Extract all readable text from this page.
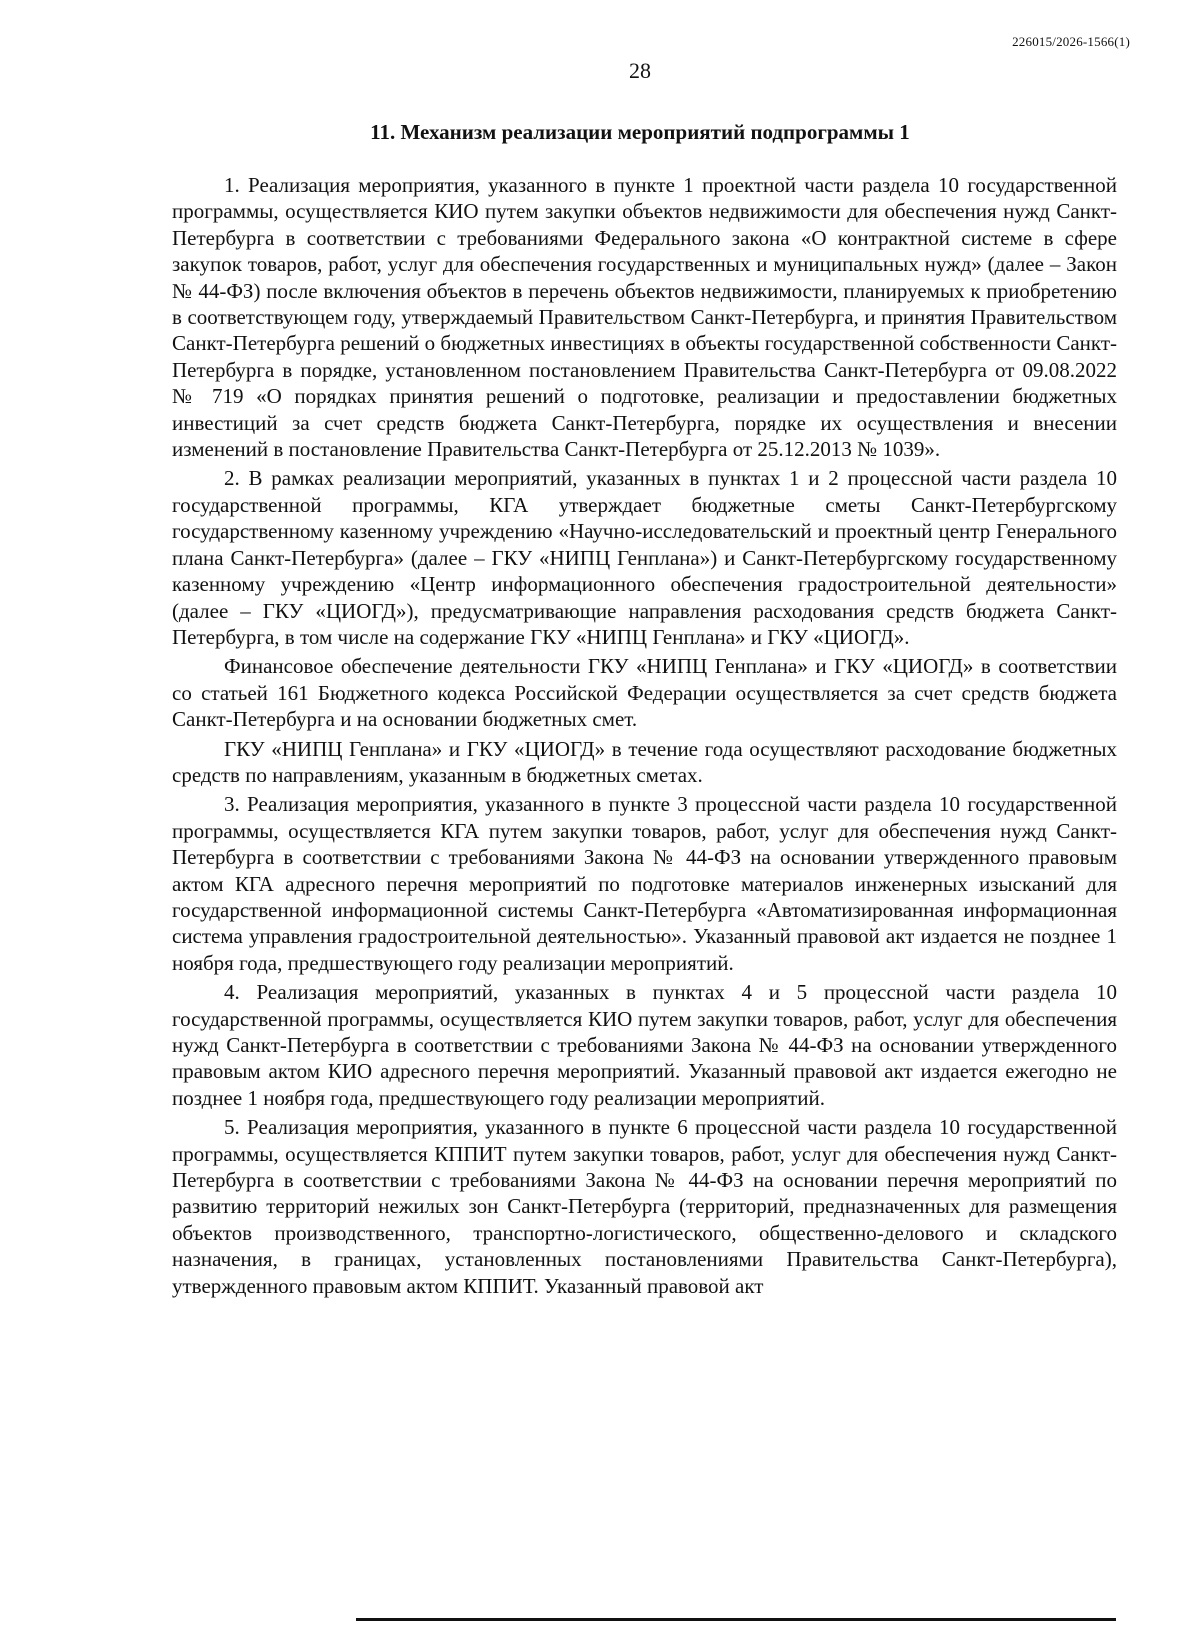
226015/2026-1566(1)
28
11. Механизм реализации мероприятий подпрограммы 1

1. Реализация мероприятия, указанного в пункте 1 проектной части раздела 10 государственной программы, осуществляется КИО путем закупки объектов недвижимости для обеспечения нужд Санкт-Петербурга в соответствии с требованиями Федерального закона «О контрактной системе в сфере закупок товаров, работ, услуг для обеспечения государственных и муниципальных нужд» (далее – Закон № 44-ФЗ) после включения объектов в перечень объектов недвижимости, планируемых к приобретению в соответствующем году, утверждаемый Правительством Санкт-Петербурга, и принятия Правительством Санкт-Петербурга решений о бюджетных инвестициях в объекты государственной собственности Санкт-Петербурга в порядке, установленном постановлением Правительства Санкт-Петербурга от 09.08.2022 № 719 «О порядках принятия решений о подготовке, реализации и предоставлении бюджетных инвестиций за счет средств бюджета Санкт-Петербурга, порядке их осуществления и внесении изменений в постановление Правительства Санкт-Петербурга от 25.12.2013 № 1039».

2. В рамках реализации мероприятий, указанных в пунктах 1 и 2 процессной части раздела 10 государственной программы, КГА утверждает бюджетные сметы Санкт-Петербургскому государственному казенному учреждению «Научно-исследовательский и проектный центр Генерального плана Санкт-Петербурга» (далее – ГКУ «НИПЦ Генплана») и Санкт-Петербургскому государственному казенному учреждению «Центр информационного обеспечения градостроительной деятельности» (далее – ГКУ «ЦИОГД»), предусматривающие направления расходования средств бюджета Санкт-Петербурга, в том числе на содержание ГКУ «НИПЦ Генплана» и ГКУ «ЦИОГД».

Финансовое обеспечение деятельности ГКУ «НИПЦ Генплана» и ГКУ «ЦИОГД» в соответствии со статьей 161 Бюджетного кодекса Российской Федерации осуществляется за счет средств бюджета Санкт-Петербурга и на основании бюджетных смет.

ГКУ «НИПЦ Генплана» и ГКУ «ЦИОГД» в течение года осуществляют расходование бюджетных средств по направлениям, указанным в бюджетных сметах.

3. Реализация мероприятия, указанного в пункте 3 процессной части раздела 10 государственной программы, осуществляется КГА путем закупки товаров, работ, услуг для обеспечения нужд Санкт-Петербурга в соответствии с требованиями Закона № 44-ФЗ на основании утвержденного правовым актом КГА адресного перечня мероприятий по подготовке материалов инженерных изысканий для государственной информационной системы Санкт-Петербурга «Автоматизированная информационная система управления градостроительной деятельностью». Указанный правовой акт издается не позднее 1 ноября года, предшествующего году реализации мероприятий.

4. Реализация мероприятий, указанных в пунктах 4 и 5 процессной части раздела 10 государственной программы, осуществляется КИО путем закупки товаров, работ, услуг для обеспечения нужд Санкт-Петербурга в соответствии с требованиями Закона № 44-ФЗ на основании утвержденного правовым актом КИО адресного перечня мероприятий. Указанный правовой акт издается ежегодно не позднее 1 ноября года, предшествующего году реализации мероприятий.

5. Реализация мероприятия, указанного в пункте 6 процессной части раздела 10 государственной программы, осуществляется КППИТ путем закупки товаров, работ, услуг для обеспечения нужд Санкт-Петербурга в соответствии с требованиями Закона № 44-ФЗ на основании перечня мероприятий по развитию территорий нежилых зон Санкт-Петербурга (территорий, предназначенных для размещения объектов производственного, транспортно-логистического, общественно-делового и складского назначения, в границах, установленных постановлениями Правительства Санкт-Петербурга), утвержденного правовым актом КППИТ. Указанный правовой акт
